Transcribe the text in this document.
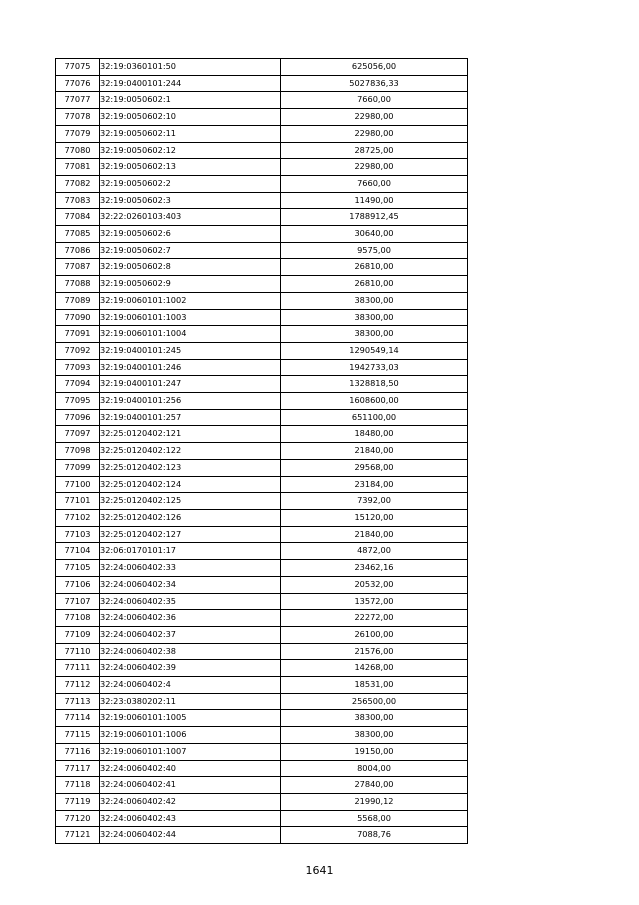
77075	32:19:0360101:50	625056,00
77076	32:19:0400101:244	5027836,33
77077	32:19:0050602:1	7660,00
77078	32:19:0050602:10	22980,00
77079	32:19:0050602:11	22980,00
77080	32:19:0050602:12	28725,00
77081	32:19:0050602:13	22980,00
77082	32:19:0050602:2	7660,00
77083	32:19:0050602:3	11490,00
77084	32:22:0260103:403	1788912,45
77085	32:19:0050602:6	30640,00
77086	32:19:0050602:7	9575,00
77087	32:19:0050602:8	26810,00
77088	32:19:0050602:9	26810,00
77089	32:19:0060101:1002	38300,00
77090	32:19:0060101:1003	38300,00
77091	32:19:0060101:1004	38300,00
77092	32:19:0400101:245	1290549,14
77093	32:19:0400101:246	1942733,03
77094	32:19:0400101:247	1328818,50
77095	32:19:0400101:256	1608600,00
77096	32:19:0400101:257	651100,00
77097	32:25:0120402:121	18480,00
77098	32:25:0120402:122	21840,00
77099	32:25:0120402:123	29568,00
77100	32:25:0120402:124	23184,00
77101	32:25:0120402:125	7392,00
77102	32:25:0120402:126	15120,00
77103	32:25:0120402:127	21840,00
77104	32:06:0170101:17	4872,00
77105	32:24:0060402:33	23462,16
77106	32:24:0060402:34	20532,00
77107	32:24:0060402:35	13572,00
77108	32:24:0060402:36	22272,00
77109	32:24:0060402:37	26100,00
77110	32:24:0060402:38	21576,00
77111	32:24:0060402:39	14268,00
77112	32:24:0060402:4	18531,00
77113	32:23:0380202:11	256500,00
77114	32:19:0060101:1005	38300,00
77115	32:19:0060101:1006	38300,00
77116	32:19:0060101:1007	19150,00
77117	32:24:0060402:40	8004,00
77118	32:24:0060402:41	27840,00
77119	32:24:0060402:42	21990,12
77120	32:24:0060402:43	5568,00
77121	32:24:0060402:44	7088,76
1641
